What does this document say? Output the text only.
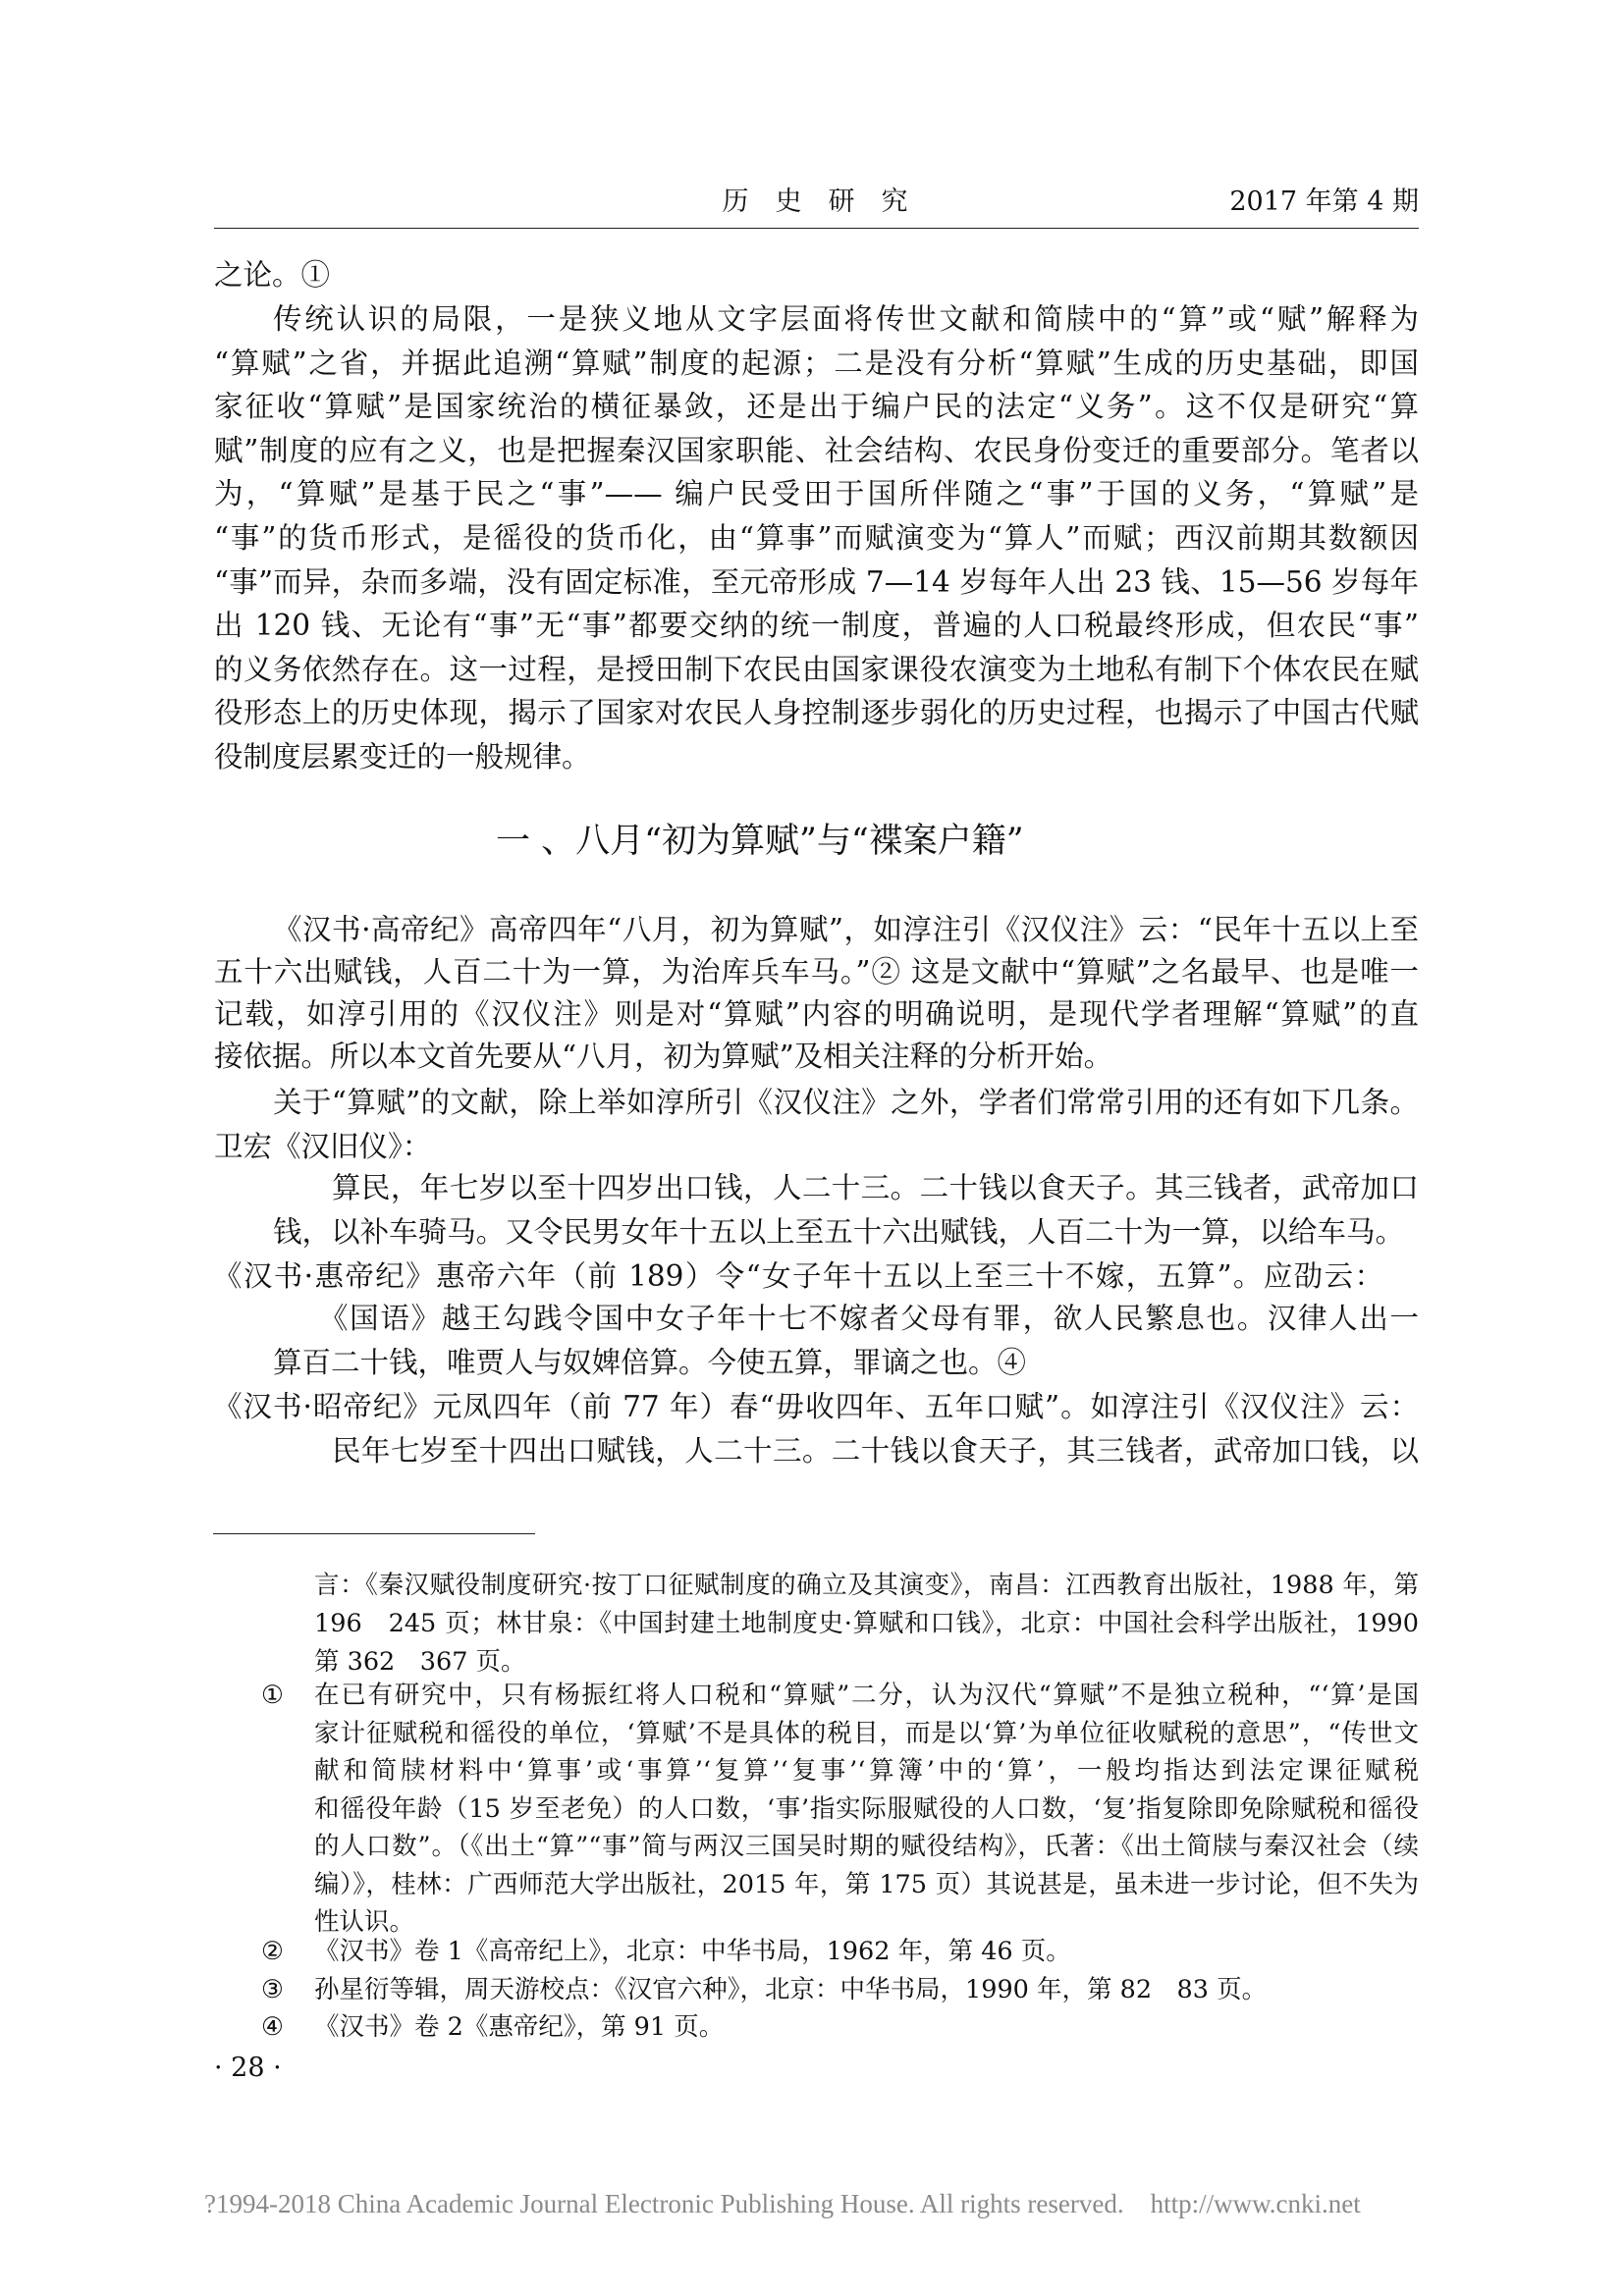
历　史　研　究	2017 年第 4 期
之论。①
传统认识的局限，一是狭义地从文字层面将传世文献和简牍中的“算”或“赋”解释为
“算赋”之省，并据此追溯“算赋”制度的起源；二是没有分析“算赋”生成的历史基础，即国
家征收“算赋”是国家统治的横征暴敛，还是出于编户民的法定“义务”。这不仅是研究“算
赋”制度的应有之义，也是把握秦汉国家职能、社会结构、农民身份变迁的重要部分。笔者以
为，“算赋”是基于民之“事”—— 编户民受田于国所伴随之“事”于国的义务，“算赋”是
“事”的货币形式，是徭役的货币化，由“算事”而赋演变为“算人”而赋；西汉前期其数额因
“事”而异，杂而多端，没有固定标准，至元帝形成 7—14 岁每年人出 23 钱、15—56 岁每年
出 120 钱、无论有“事”无“事”都要交纳的统一制度，普遍的人口税最终形成，但农民“事”
的义务依然存在。这一过程，是授田制下农民由国家课役农演变为土地私有制下个体农民在赋
役形态上的历史体现，揭示了国家对农民人身控制逐步弱化的历史过程，也揭示了中国古代赋
役制度层累变迁的一般规律。
一 、八月“初为算赋”与“褋案户籍”
《汉书·高帝纪》高帝四年“八月，初为算赋”，如淳注引《汉仪注》云：“民年十五以上至
五十六出赋钱，人百二十为一算，为治库兵车马。”② 这是文献中“算赋”之名最早、也是唯一
记载，如淳引用的《汉仪注》则是对“算赋”内容的明确说明，是现代学者理解“算赋”的直
接依据。所以本文首先要从“八月，初为算赋”及相关注释的分析开始。
关于“算赋”的文献，除上举如淳所引《汉仪注》之外，学者们常常引用的还有如下几条。
卫宏《汉旧仪》：
算民，年七岁以至十四岁出口钱，人二十三。二十钱以食天子。其三钱者，武帝加口
钱，以补车骑马。又令民男女年十五以上至五十六出赋钱，人百二十为一算，以给车马。
《汉书·惠帝纪》惠帝六年（前 189）令“女子年十五以上至三十不嫁，五算”。应劭云：
《国语》越王勾践令国中女子年十七不嫁者父母有罪，欲人民繁息也。汉律人出一
算百二十钱，唯贾人与奴婢倍算。今使五算，罪谪之也。④
《汉书·昭帝纪》元凤四年（前 77 年）春“毋收四年、五年口赋”。如淳注引《汉仪注》云：
民年七岁至十四出口赋钱，人二十三。二十钱以食天子，其三钱者，武帝加口钱，以
言：《秦汉赋役制度研究·按丁口征赋制度的确立及其演变》，南昌：江西教育出版社，1988 年，第
196　245 页；林甘泉：《中国封建土地制度史·算赋和口钱》，北京：中国社会科学出版社，1990
第 362　367 页。
① 在已有研究中，只有杨振红将人口税和“算赋”二分，认为汉代“算赋”不是独立税种，“‘算’是国
家计征赋税和徭役的单位，‘算赋’不是具体的税目，而是以‘算’为单位征收赋税的意思”，“传世文
献和简牍材料中‘算事’或‘事算’‘复算’‘复事’‘算簿’中的‘算’，一般均指达到法定课征赋税
和徭役年龄（15 岁至老免）的人口数，‘事’指实际服赋役的人口数，‘复’指复除即免除赋税和徭役
的人口数”。（《出土“算”“事”简与两汉三国吴时期的赋役结构》，氏著：《出土简牍与秦汉社会（续
编）》，桂林：广西师范大学出版社，2015 年，第 175 页）其说甚是，虽未进一步讨论，但不失为
性认识。
② 《汉书》卷 1《高帝纪上》，北京：中华书局，1962 年，第 46 页。
③ 孙星衍等辑，周天游校点：《汉官六种》，北京：中华书局，1990 年，第 82　83 页。
④ 《汉书》卷 2《惠帝纪》，第 91 页。
· 28 ·
?1994-2018 China Academic Journal Electronic Publishing House. All rights reserved.    http://www.cnki.net
